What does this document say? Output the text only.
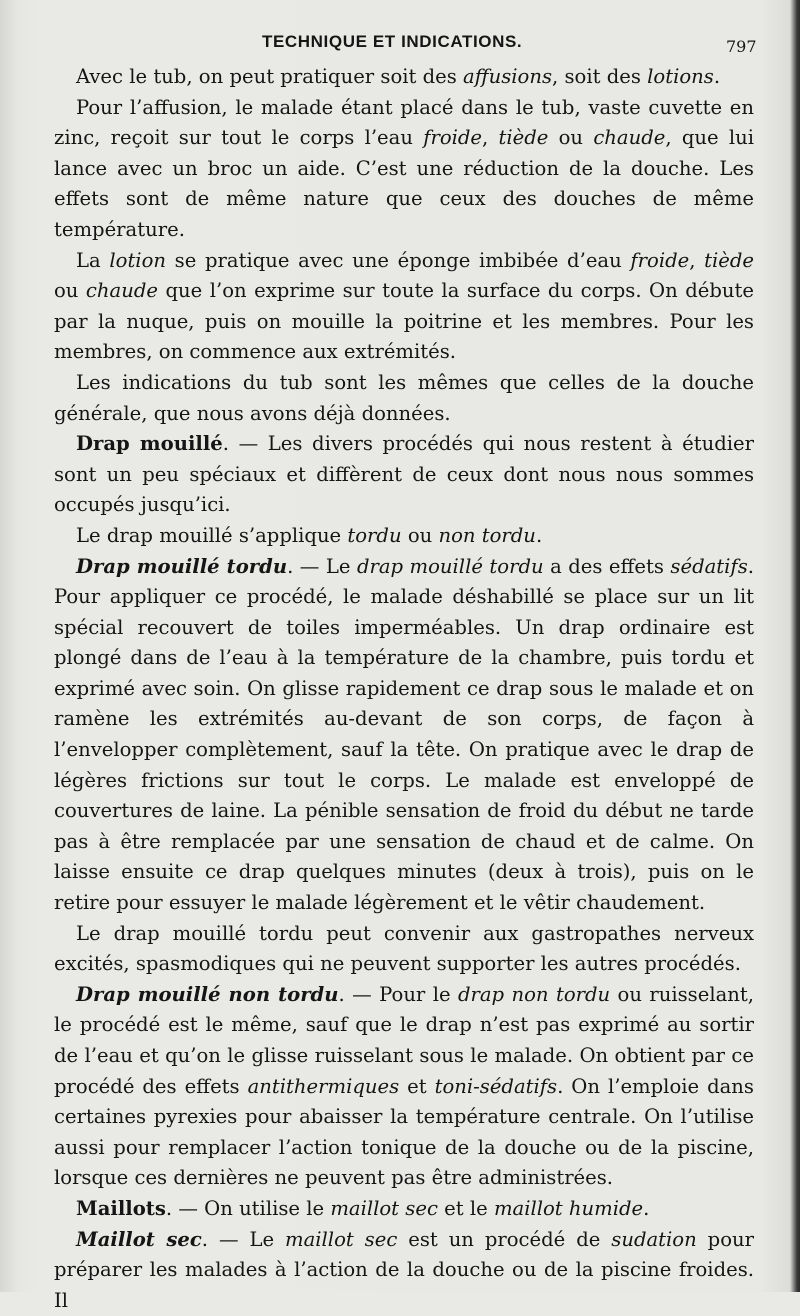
TECHNIQUE ET INDICATIONS.	797

Avec le tub, on peut pratiquer soit des affusions, soit des lotions.

Pour l’affusion, le malade étant placé dans le tub, vaste cuvette en zinc, reçoit sur tout le corps l’eau froide, tiède ou chaude, que lui lance avec un broc un aide. C’est une réduction de la douche. Les effets sont de même nature que ceux des douches de même température.

La lotion se pratique avec une éponge imbibée d’eau froide, tiède ou chaude que l’on exprime sur toute la surface du corps. On débute par la nuque, puis on mouille la poitrine et les membres. Pour les membres, on commence aux extrémités.

Les indications du tub sont les mêmes que celles de la douche générale, que nous avons déjà données.

Drap mouillé. — Les divers procédés qui nous restent à étudier sont un peu spéciaux et diffèrent de ceux dont nous nous sommes occupés jusqu’ici.

Le drap mouillé s’applique tordu ou non tordu.

Drap mouillé tordu. — Le drap mouillé tordu a des effets sédatifs. Pour appliquer ce procédé, le malade déshabillé se place sur un lit spécial recouvert de toiles imperméables. Un drap ordinaire est plongé dans de l’eau à la température de la chambre, puis tordu et exprimé avec soin. On glisse rapidement ce drap sous le malade et on ramène les extrémités au-devant de son corps, de façon à l’envelopper complètement, sauf la tête. On pratique avec le drap de légères frictions sur tout le corps. Le malade est enveloppé de couvertures de laine. La pénible sensation de froid du début ne tarde pas à être remplacée par une sensation de chaud et de calme. On laisse ensuite ce drap quelques minutes (deux à trois), puis on le retire pour essuyer le malade légèrement et le vêtir chaudement.

Le drap mouillé tordu peut convenir aux gastropathes nerveux excités, spasmodiques qui ne peuvent supporter les autres procédés.

Drap mouillé non tordu. — Pour le drap non tordu ou ruisselant, le procédé est le même, sauf que le drap n’est pas exprimé au sortir de l’eau et qu’on le glisse ruisselant sous le malade. On obtient par ce procédé des effets antithermiques et toni-sédatifs. On l’emploie dans certaines pyrexies pour abaisser la température centrale. On l’utilise aussi pour remplacer l’action tonique de la douche ou de la piscine, lorsque ces dernières ne peuvent pas être administrées.

Maillots. — On utilise le maillot sec et le maillot humide.

Maillot sec. — Le maillot sec est un procédé de sudation pour préparer les malades à l’action de la douche ou de la piscine froides. Il
